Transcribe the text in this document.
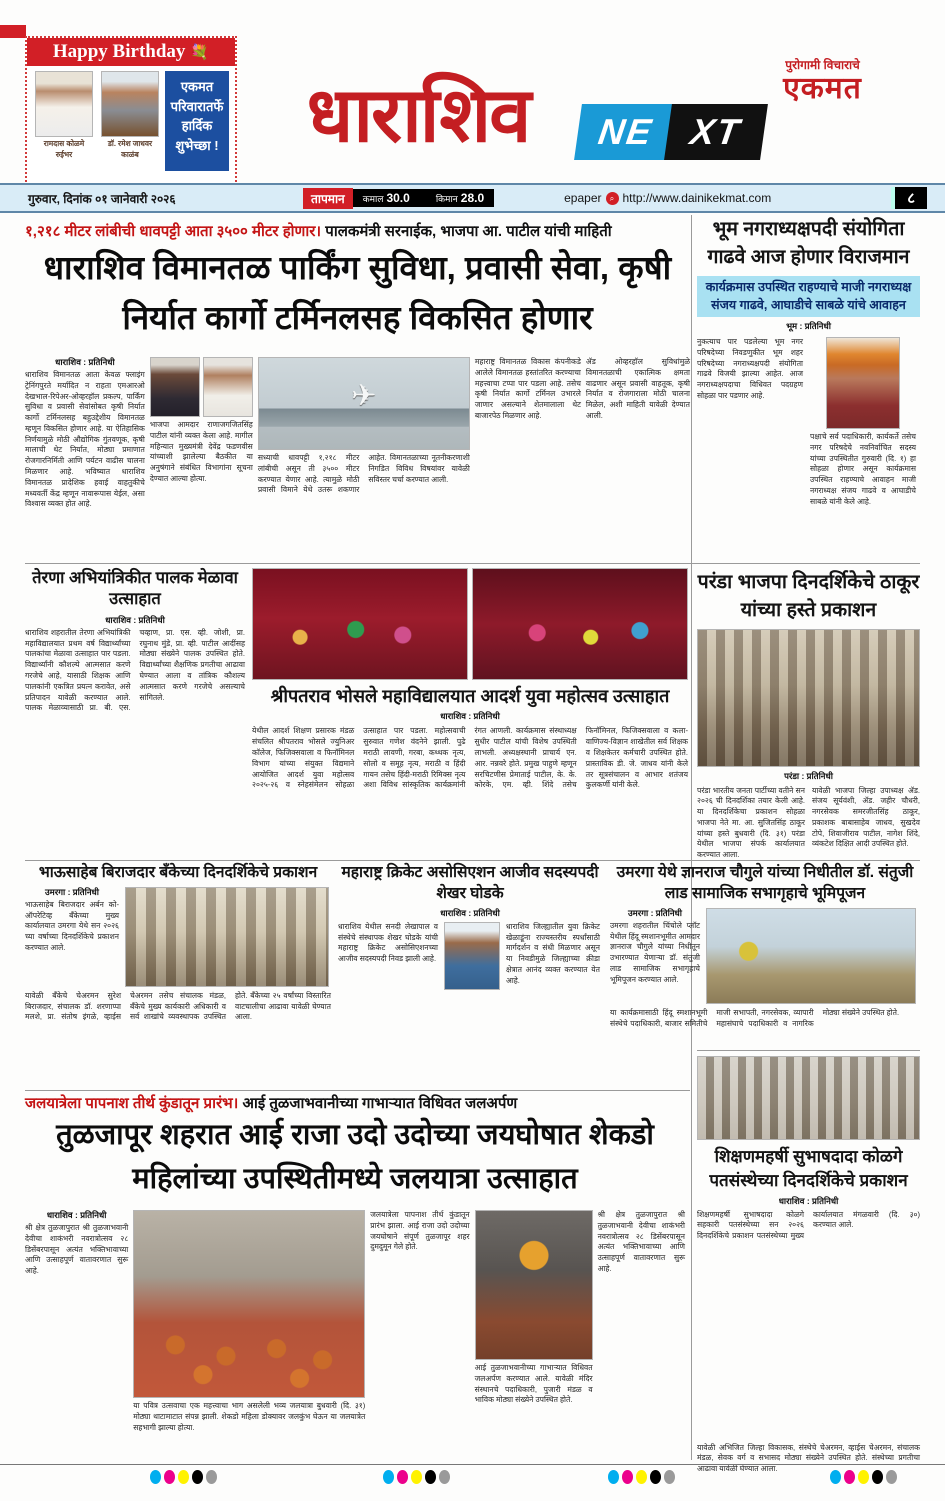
Happy Birthday 💐
रामदास कोळमे
रुईभर
डॉ. रमेश जाधवर
काळंब
एकमत परिवारातर्फे हार्दिक शुभेच्छा !	धाराशिव
पुरोगामी विचाराचे
एकमत
NE XT
गुरुवार, दिनांक ०१ जानेवारी २०२६	तापमान	कमाल 30.0	किमान 28.0	epaper	⌕ http://www.dainikekmat.com	८
१,२१८ मीटर लांबीची धावपट्टी आता ३५०० मीटर होणार। पालकमंत्री सरनाईक, भाजपा आ. पाटील यांची माहिती
धाराशिव विमानतळ पार्किंग सुविधा, प्रवासी सेवा, कृषी निर्यात कार्गो टर्मिनलसह विकसित होणार
धाराशिव : प्रतिनिधी
धाराशिव विमानतळ आता केवळ फ्लाइंग ट्रेनिंगपुरते मर्यादित न राहता एमआरओ देखभाल-रिपेअर-ओव्हरहॉल प्रकल्प, पार्किंग सुविधा व प्रवासी सेवांसोबत कृषी निर्यात कार्गो टर्मिनलसह बहुउद्देशीय विमानतळ म्हणून विकसित होणार आहे. या ऐतिहासिक निर्णयामुळे मोठी औद्योगिक गुंतवणूक, कृषी मालाची थेट निर्यात, मोठ्या प्रमाणात रोजगारनिर्मिती आणि पर्यटन वाढीस चालना मिळणार आहे. भविष्यात धाराशिव विमानतळ प्रादेशिक हवाई वाहतुकीचे मध्यवर्ती केंद्र म्हणून नावारूपास येईल, असा विश्वास व्यक्त होत आहे.
भाजपा आमदार राणाजगजितसिंह पाटील यांनी व्यक्त केला आहे. मागील महिन्यात मुख्यमंत्री देवेंद्र फडणवीस यांच्याशी झालेल्या बैठकीत या अनुषंगाने संबंधित विभागांना सूचना देण्यात आल्या होत्या.
✈
सध्याची धावपट्टी १,२१८ मीटर लांबीची असून ती ३५०० मीटर करण्यात येणार आहे. त्यामुळे मोठी प्रवासी विमाने येथे उतरू शकणार आहेत. विमानतळाच्या नूतनीकरणाशी निगडित विविध विषयांवर यावेळी सविस्तर चर्चा करण्यात आली.
महाराष्ट्र विमानतळ विकास कंपनीकडे आलेले विमानतळ हस्तांतरित करण्याचा महत्त्वाचा टप्पा पार पडला आहे. तसेच कृषी निर्यात कार्गो टर्मिनल उभारले जाणार असल्याने शेतमालाला थेट बाजारपेठ मिळणार आहे.
ॲड ओव्हरहॉल सुविधांमुळे विमानतळाची एकात्मिक क्षमता वाढणार असून प्रवासी वाहतूक, कृषी निर्यात व रोजगाराला मोठी चालना मिळेल, अशी माहिती यावेळी देण्यात आली.
भूम नगराध्यक्षपदी संयोगिता गाढवे आज होणार विराजमान
कार्यक्रमास उपस्थित राहण्याचे माजी नगराध्यक्ष संजय गाढवे, आघाडीचे साबळे यांचे आवाहन
भूम : प्रतिनिधी
नुकत्याच पार पडलेल्या भूम नगर परिषदेच्या निवडणुकीत भूम शहर परिषदेच्या नगराध्यक्षपदी संयोगिता गाढवे विजयी झाल्या आहेत. आज नगराध्यक्षपदाचा विधिवत पदग्रहण सोहळा पार पडणार आहे.
पक्षाचे सर्व पदाधिकारी, कार्यकर्ते तसेच नगर परिषदेचे नवनिर्वाचित सदस्य यांच्या उपस्थितीत गुरुवारी (दि. १) हा सोहळा होणार असून कार्यक्रमास उपस्थित राहण्याचे आवाहन माजी नगराध्यक्ष संजय गाढवे व आघाडीचे साबळे यांनी केले आहे.
तेरणा अभियांत्रिकीत पालक मेळावा उत्साहात
धाराशिव : प्रतिनिधी
धाराशिव शहरातील तेरणा अभियांत्रिकी महाविद्यालयात प्रथम वर्ष विद्यार्थ्यांच्या पालकांचा मेळावा उत्साहात पार पडला. विद्यार्थ्यांनी कौशल्ये आत्मसात करणे गरजेचे आहे, यासाठी शिक्षक आणि पालकांनी एकत्रित प्रयत्न करावेत, असे प्रतिपादन यावेळी करण्यात आले. पालक मेळाव्यासाठी प्रा. बी. एस. चव्हाण, प्रा. एस. व्ही. जोशी, प्रा. रघुनाथ मुंडे, प्रा. व्ही. पाटील आदींसह मोठ्या संख्येने पालक उपस्थित होते. विद्यार्थ्यांच्या शैक्षणिक प्रगतीचा आढावा घेण्यात आला व तांत्रिक कौशल्य आत्मसात करणे गरजेचे असल्याचे सांगितले.	श्रीपतराव भोसले महाविद्यालयात आदर्श युवा महोत्सव उत्साहात
धाराशिव : प्रतिनिधी
येथील आदर्श शिक्षण प्रसारक मंडळ संचलित श्रीपतराव भोसले ज्युनिअर कॉलेज, फिजिक्सवाला व फिनॉमिनल विभाग यांच्या संयुक्त विद्यमाने आयोजित आदर्श युवा महोत्सव २०२५-२६ व स्नेहसंमेलन सोहळा उत्साहात पार पडला. महोत्सवाची सुरुवात गणेश वंदनेने झाली. पुढे मराठी लावणी, गरबा, कथ्थक नृत्य, सोलो व समूह नृत्य, मराठी व हिंदी गायन तसेच हिंदी-मराठी रिमिक्स नृत्य अशा विविध सांस्कृतिक कार्यक्रमांनी रंगत आणली. कार्यक्रमास संस्थाध्यक्ष सुधीर पाटील यांची विशेष उपस्थिती लाभली. अध्यक्षस्थानी प्राचार्य एन. आर. नन्नवरे होते. प्रमुख पाहुणे म्हणून सरचिटणीस प्रेमाताई पाटील, के. के. कोरके, एम. व्ही. शिंदे तसेच फिनॉमिनल, फिजिक्सवाला व कला-वाणिज्य-विज्ञान शाखेतील सर्व शिक्षक व शिक्षकेतर कर्मचारी उपस्थित होते. प्रास्ताविक डी. जे. जाधव यांनी केले तर सूत्रसंचालन व आभार शतंजय कुलकर्णी यांनी केले.
परंडा भाजपा दिनदर्शिकेचे ठाकूर यांच्या हस्ते प्रकाशन
परंडा : प्रतिनिधी
परंडा भारतीय जनता पार्टीच्या वतीने सन २०२६ ची दिनदर्शिका तयार केली आहे. या दिनदर्शिकेचा प्रकाशन सोहळा भाजपा नेते मा. आ. सुजितसिंह ठाकूर यांच्या हस्ते बुधवारी (दि. ३१) परंडा येथील भाजपा संपर्क कार्यालयात करण्यात आला.
यावेळी भाजपा जिल्हा उपाध्यक्ष ॲड. संजय सूर्यवंशी, ॲड. जहीर चौधरी, नगरसेवक समरजीतसिंह ठाकूर, प्रकाशक बाबासाहेब जाधव, सुखदेव टोपे, शिवाजीराव पाटील, नागेश शिंदे, व्यंकटेश दिक्षित आदी उपस्थित होते.
भाऊसाहेब बिराजदार बँकेच्या दिनदर्शिकेचे प्रकाशन
उमरगा : प्रतिनिधी
भाऊसाहेब बिराजदार अर्बन को-ऑपरेटिव्ह बँकेच्या मुख्य कार्यालयात उमरगा येथे सन २०२६ च्या वर्षाच्या दिनदर्शिकेचे प्रकाशन करण्यात आले.
यावेळी बँकेचे चेअरमन सुरेश बिराजदार, संचालक डॉ. शरणाप्पा मलशे, प्रा. संतोष इंगळे, व्हाईस चेअरमन तसेच संचालक मंडळ, बँकेचे मुख्य कार्यकारी अधिकारी व सर्व शाखांचे व्यवस्थापक उपस्थित होते. बँकेच्या २५ वर्षांच्या विस्तारित वाटचालीचा आढावा यावेळी घेण्यात आला.
महाराष्ट्र क्रिकेट असोसिएशन आजीव सदस्यपदी शेखर घोडके
धाराशिव : प्रतिनिधी
धाराशिव येथील सनदी लेखापाल व संस्थेचे संस्थापक शेखर घोडके यांची महाराष्ट्र क्रिकेट असोसिएशनच्या आजीव सदस्यपदी निवड झाली आहे.
धाराशिव जिल्ह्यातील युवा क्रिकेट खेळाडूंना राज्यस्तरीय स्पर्धांसाठी मार्गदर्शन व संधी मिळणार असून या निवडीमुळे जिल्ह्याच्या क्रीडा क्षेत्रात आनंद व्यक्त करण्यात येत आहे.
उमरगा येथे ज्ञानराज चौगुले यांच्या निधीतील डॉ. संतुजी लाड सामाजिक सभागृहाचे भूमिपूजन
उमरगा : प्रतिनिधी
उमरगा शहरातील चिंचोले प्लॉट येथील हिंदू स्मशानभूमीत आमदार ज्ञानराज चौगुले यांच्या निधीतून उभारण्यात येणाऱ्या डॉ. संतुजी लाड सामाजिक सभागृहाचे भूमिपूजन करण्यात आले.
या कार्यक्रमासाठी हिंदू स्मशानभूमी संस्थेचे पदाधिकारी, बाजार समितीचे माजी सभापती, नगरसेवक, व्यापारी महासंघाचे पदाधिकारी व नागरिक मोठ्या संख्येने उपस्थित होते.
जलयात्रेला पापनाश तीर्थ कुंडातून प्रारंभ। आई तुळजाभवानीच्या गाभाऱ्यात विधिवत जलअर्पण
तुळजापूर शहरात आई राजा उदो उदोच्या जयघोषात शेकडो महिलांच्या उपस्थितीमध्ये जलयात्रा उत्साहात
धाराशिव : प्रतिनिधी
श्री क्षेत्र तुळजापुरात श्री तुळजाभवानी देवीचा शाकंभरी नवरात्रोत्सव २८ डिसेंबरपासून अत्यंत भक्तिभावाच्या आणि उत्साहपूर्ण वातावरणात सुरू आहे.
या पवित्र उत्सवाचा एक महत्त्वाचा भाग असलेली भव्य जलयात्रा बुधवारी (दि. ३१) मोठ्या थाटामाटात संपन्न झाली. शेकडो महिला डोक्यावर जलकुंभ घेऊन या जलयात्रेत सहभागी झाल्या होत्या.
जलयात्रेला पापनाश तीर्थ कुंडातून प्रारंभ झाला. आई राजा उदो उदोच्या जयघोषाने संपूर्ण तुळजापूर शहर दुमदुमून गेले होते.
आई तुळजाभवानीच्या गाभाऱ्यात विधिवत जलअर्पण करण्यात आले. यावेळी मंदिर संस्थानचे पदाधिकारी, पुजारी मंडळ व भाविक मोठ्या संख्येने उपस्थित होते.
श्री क्षेत्र तुळजापुरात श्री तुळजाभवानी देवीचा शाकंभरी नवरात्रोत्सव २८ डिसेंबरपासून अत्यंत भक्तिभावाच्या आणि उत्साहपूर्ण वातावरणात सुरू आहे.
शिक्षणमहर्षी सुभाषदादा कोळगे पतसंस्थेच्या दिनदर्शिकेचे प्रकाशन
धाराशिव : प्रतिनिधी
शिक्षणमहर्षी सुभाषदादा कोळगे सहकारी पतसंस्थेच्या सन २०२६ दिनदर्शिकेचे प्रकाशन पतसंस्थेच्या मुख्य कार्यालयात मंगळवारी (दि. ३०) करण्यात आले.
यावेळी अभिजित जिल्हा विकासक, संस्थेचे चेअरमन, व्हाईस चेअरमन, संचालक मंडळ, सेवक वर्ग व सभासद मोठ्या संख्येने उपस्थित होते. संस्थेच्या प्रगतीचा आढावा यावेळी घेण्यात आला.
